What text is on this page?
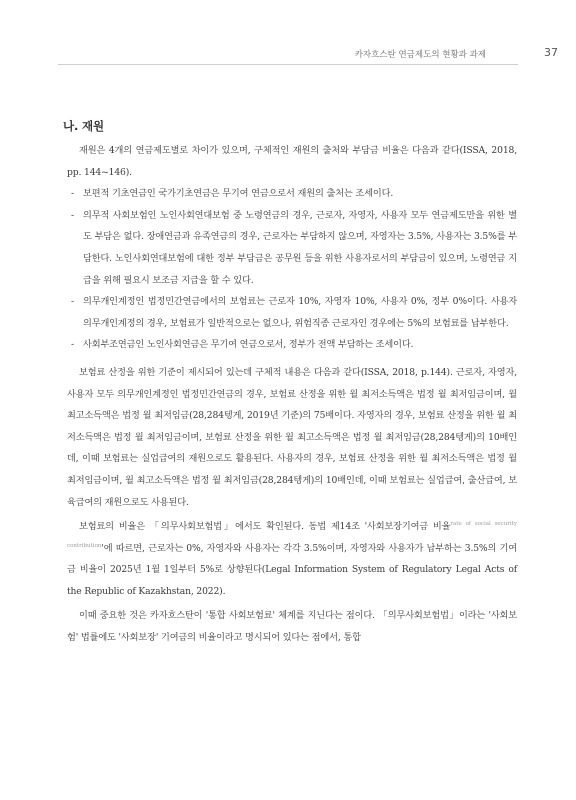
카자흐스탄 연금제도의 현황과 과제	37
나. 재원

재원은 4개의 연금제도별로 차이가 있으며, 구체적인 재원의 출처와 부담금 비율은 다음과 같다(ISSA, 2018, pp. 144~146).

- 보편적 기초연금인 국가기초연금은 무기여 연금으로서 재원의 출처는 조세이다.
- 의무적 사회보험인 노인사회연대보험 중 노령연금의 경우, 근로자, 자영자, 사용자 모두 연금제도만을 위한 별도 부담은 없다. 장애연금과 유족연금의 경우, 근로자는 부담하지 않으며, 자영자는 3.5%, 사용자는 3.5%를 부담한다. 노인사회연대보험에 대한 정부 부담금은 공무원 등을 위한 사용자로서의 부담금이 있으며, 노령연금 지급을 위해 필요시 보조금 지급을 할 수 있다.
- 의무개인계정인 법정민간연금에서의 보험료는 근로자 10%, 자영자 10%, 사용자 0%, 정부 0%이다. 사용자 의무개인계정의 경우, 보험료가 일반적으로는 없으나, 위험직종 근로자인 경우에는 5%의 보험료를 납부한다.
- 사회부조연금인 노인사회연금은 무기여 연금으로서, 정부가 전액 부담하는 조세이다.

보험료 산정을 위한 기준이 제시되어 있는데 구체적 내용은 다음과 같다(ISSA, 2018, p.144). 근로자, 자영자, 사용자 모두 의무개인계정인 법정민간연금의 경우, 보험료 산정을 위한 월 최저소득액은 법정 월 최저임금이며, 월 최고소득액은 법정 월 최저임금(28,284텡게, 2019년 기준)의 75배이다. 자영자의 경우, 보험료 산정을 위한 월 최저소득액은 법정 월 최저임금이며, 보험료 산정을 위한 월 최고소득액은 법정 월 최저임금(28,284텡게)의 10배인데, 이때 보험료는 실업급여의 재원으로도 활용된다. 사용자의 경우, 보험료 산정을 위한 월 최저소득액은 법정 월 최저임금이며, 월 최고소득액은 법정 월 최저임금(28,284텡게)의 10배인데, 이때 보험료는 실업급여, 출산급여, 보육급여의 재원으로도 사용된다.

보험료의 비율은 「의무사회보험법」에서도 확인된다. 동법 제14조 '사회보장기여금 비율$^{rate of social security contribution}$'에 따르면, 근로자는 0%, 자영자와 사용자는 각각 3.5%이며, 자영자와 사용자가 납부하는 3.5%의 기여금 비율이 2025년 1월 1일부터 5%로 상향된다(Legal Information System of Regulatory Legal Acts of the Republic of Kazakhstan, 2022).

이때 중요한 것은 카자흐스탄이 '통합 사회보험료' 체계를 지닌다는 점이다. 「의무사회보험법」이라는 '사회보험' 법률에도 '사회보장' 기여금의 비율이라고 명시되어 있다는 점에서, 통합
